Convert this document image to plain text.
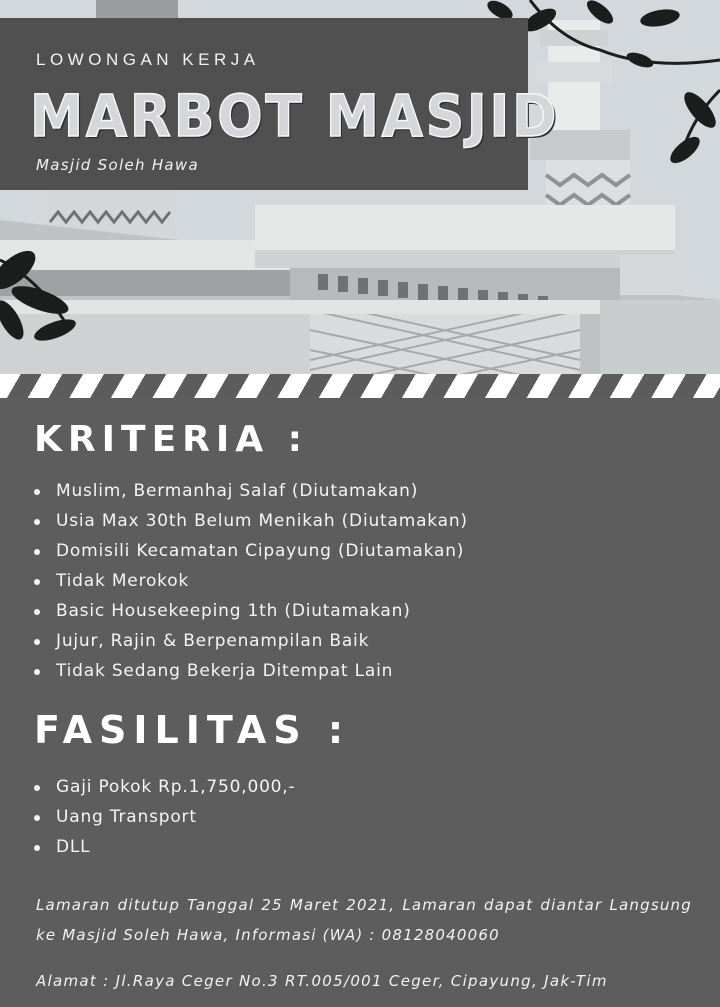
LOWONGAN KERJA
MARBOT MASJID
Masjid Soleh Hawa
KRITERIA :
Muslim, Bermanhaj Salaf (Diutamakan)
Usia Max 30th Belum Menikah (Diutamakan)
Domisili Kecamatan Cipayung (Diutamakan)
Tidak Merokok
Basic Housekeeping 1th (Diutamakan)
Jujur, Rajin & Berpenampilan Baik
Tidak Sedang Bekerja Ditempat Lain
FASILITAS :
Gaji Pokok Rp.1,750,000,-
Uang Transport
DLL
Lamaran ditutup Tanggal 25 Maret 2021, Lamaran dapat diantar Langsung ke Masjid Soleh Hawa, Informasi (WA) : 08128040060
Alamat : Jl.Raya Ceger No.3 RT.005/001 Ceger, Cipayung, Jak-Tim
